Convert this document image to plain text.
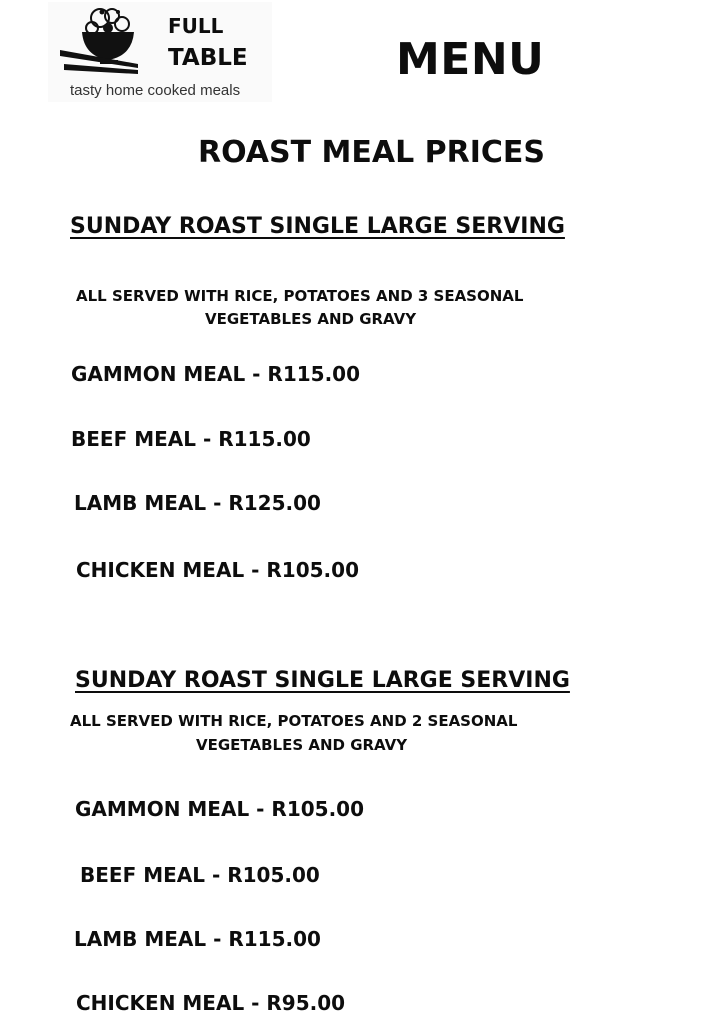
FULL
TABLE
tasty home cooked meals
MENU
ROAST MEAL PRICES
SUNDAY ROAST SINGLE LARGE SERVING
ALL SERVED WITH RICE, POTATOES AND 3 SEASONAL
VEGETABLES AND GRAVY
GAMMON MEAL - R115.00
BEEF MEAL - R115.00
LAMB MEAL - R125.00
CHICKEN MEAL - R105.00
SUNDAY ROAST SINGLE LARGE SERVING
ALL SERVED WITH RICE, POTATOES AND 2 SEASONAL
VEGETABLES AND GRAVY
GAMMON MEAL - R105.00
BEEF MEAL - R105.00
LAMB MEAL - R115.00
CHICKEN MEAL - R95.00
